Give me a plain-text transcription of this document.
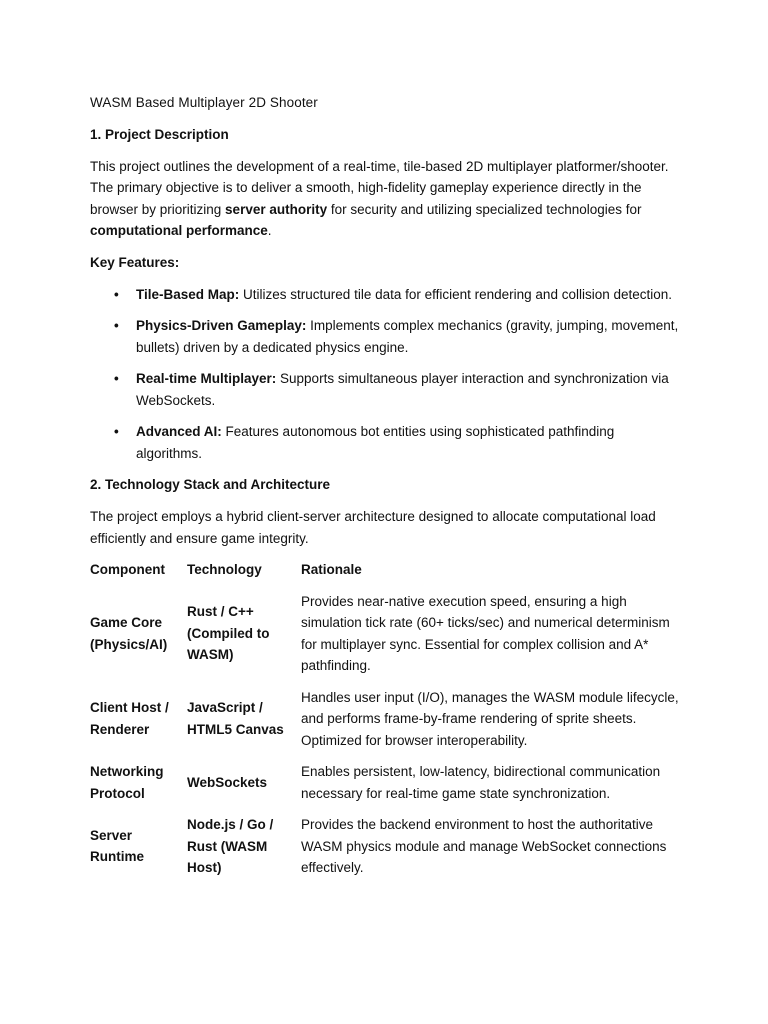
WASM Based Multiplayer 2D Shooter
1. Project Description

This project outlines the development of a real-time, tile-based 2D multiplayer platformer/shooter. The primary objective is to deliver a smooth, high-fidelity gameplay experience directly in the browser by prioritizing server authority for security and utilizing specialized technologies for computational performance.

Key Features:
• Tile-Based Map: Utilizes structured tile data for efficient rendering and collision detection.
• Physics-Driven Gameplay: Implements complex mechanics (gravity, jumping, movement, bullets) driven by a dedicated physics engine.
• Real-time Multiplayer: Supports simultaneous player interaction and synchronization via WebSockets.
• Advanced AI: Features autonomous bot entities using sophisticated pathfinding algorithms.
2. Technology Stack and Architecture

The project employs a hybrid client-server architecture designed to allocate computational load efficiently and ensure game integrity.

Component	Technology	Rationale
Game Core (Physics/AI)	Rust / C++ (Compiled to WASM)	Provides near-native execution speed, ensuring a high simulation tick rate (60+ ticks/sec) and numerical determinism for multiplayer sync. Essential for complex collision and A* pathfinding.
Client Host / Renderer	JavaScript / HTML5 Canvas	Handles user input (I/O), manages the WASM module lifecycle, and performs frame-by-frame rendering of sprite sheets. Optimized for browser interoperability.
Networking Protocol	WebSockets	Enables persistent, low-latency, bidirectional communication necessary for real-time game state synchronization.
Server Runtime	Node.js / Go / Rust (WASM Host)	Provides the backend environment to host the authoritative WASM physics module and manage WebSocket connections effectively.
